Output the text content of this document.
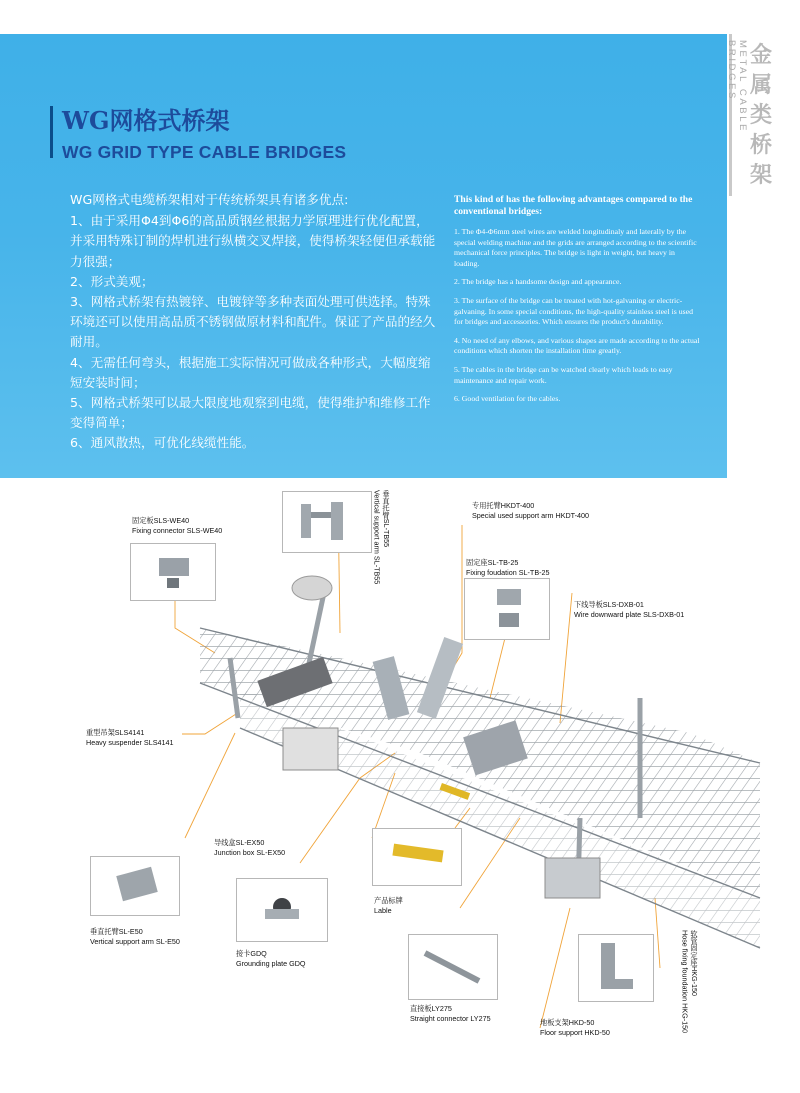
金属类桥架
METAL CABLE BRIDGES
WG网格式桥架
WG GRID TYPE CABLE BRIDGES

WG网格式电缆桥架相对于传统桥架具有诸多优点:

1、由于采用Φ4到Φ6的高品质钢丝根据力学原理进行优化配置，并采用特殊订制的焊机进行纵横交叉焊接，使得桥架轻便但承载能力很强；

2、形式美观；

3、网格式桥架有热镀锌、电镀锌等多种表面处理可供选择。特殊环境还可以使用高品质不锈钢做原材料和配件。保证了产品的经久耐用。

4、无需任何弯头，根据施工实际情况可做成各种形式，大幅度缩短安装时间；

5、网格式桥架可以最大限度地观察到电缆，使得维护和维修工作变得简单；

6、通风散热，可优化线缆性能。

This kind of has the following advantages compared to the conventional bridges:

1. The Φ4-Φ6mm steel wires are welded longitudinaly and laterally by the special welding machine and the grids are arranged according to the scientific mechanical force principles. The bridge is light in weight, but heavy in loading.

2. The bridge has a handsome design and appearance.

3. The surface of the bridge can be treated with hot-galvaning or electric-galvaning. In some special conditions, the high-quality stainless steel is used for bridges and accessories. Which ensures the product's durability.

4. No need of any elbows, and various shapes are made according to the actual conditions which shorten the installation time greatly.

5. The cables in the bridge can be watched clearly which leads to easy maintenance and repair work.

6. Good ventilation for the cables.

固定板SLS-WE40
Fixing connector SLS-WE40	垂直托臂SL-TB55
Vertical support arm SL-TB55	专用托臂HKDT-400
Special used support arm HKDT-400
固定座SL-TB-25
Fixing foudation SL-TB-25
下线导板SLS-DXB-01
Wire downward plate SLS-DXB-01
重型吊架SLS4141
Heavy suspender SLS4141
导线盒SL-EX50
Junction box SL-EX50
产品标牌
Lable
垂直托臂SL-E50
Vertical support arm SL-E50
接卡GDQ
Grounding plate GDQ
直接板LY275
Straight connector LY275	地板支架HKD-50
Floor support HKD-50
软管固定座HKG-150
Hose fixing foundation HKG-150
